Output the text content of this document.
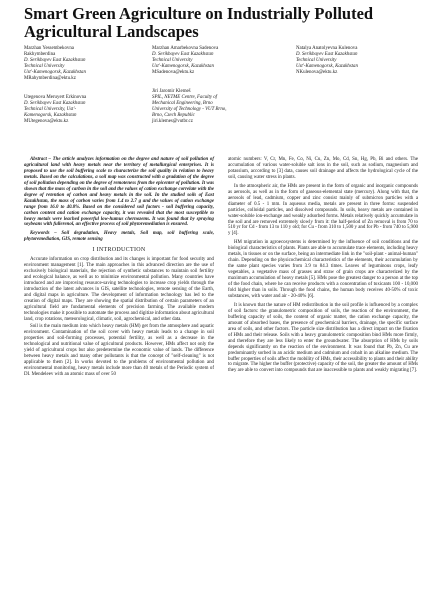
Smart Green Agriculture on Industrially Polluted Agricultural Landscapes
Marzhan Yessembekovna
Rakhymberdina
D. Serikbayev East Kazakhstan
Technical University
Ust'-Kamenogorsk, Kazakhstan
MRahymberdina@ektu.kz
Marzhan Amarbekovna Sadenova
D. Serikbayev East Kazakhstan
Technical University
Ust'-Kamenogorsk, Kazakhstan
MSadenova@ektu.kz
Natalya Anatolyevna Kulenova
D. Serikbayev East Kazakhstan
Technical University
Ust'-Kamenogorsk, Kazakhstan
NKulenova@ektu.kz
Utegenova Meruyert Erkinovna
D. Serikbayev East Kazakhstan
Technical University, Ust'-
Kamenogorsk, Kazakhstan
MUtegenova@ektu.kz
Jiri Jaromir Klemeš
SPIL, NETME Centre, Faculty of
Mechanical Engineering, Brno
University of Technology - VUT Brno,
Brno, Czech Republic
jiri.klemes@vutbr.cz

Abstract – The article analyzes information on the degree and nature of soil pollution of agricultural land with heavy metals near the territory of metallurgical enterprises. It is proposed to use the soil buffering scale to characterize the soil quality in relation to heavy metals. Based on the calculations, a soil map was constructed with a gradation of the degree of soil pollution depending on the degree of remoteness from the epicenter of pollution. It was shown that the mass of carbon in the soil and the values of cation exchange correlate with the degree of retention of carbon and heavy metals in the soil. In the studied soils of East Kazakhstan, the mass of carbon varies from 1.4 to 2.7 g and the values of cation exchange range from 16.0 to 40.8%. Based on the considered soil factors - soil buffering capacity, carbon content and cation exchange capacity, it was revealed that the most susceptible to heavy metals were leached powerful low-humus chernozems. It was found that by spraying soybeans with fullerenol, an effective process of soil phytoremediation is ensured.

Keywords – Soil degradation, Heavy metals, Soil map, soil buffering scale, phytoremediation, GIS, remote sensing

I INTRODUCTION

Accurate information on crop distribution and its changes is important for food security and environment management [1]. The main approaches in this advanced direction are the use of exclusively biological materials, the rejection of synthetic substances to maintain soil fertility and ecological balance, as well as to minimize environmental pollution. Many countries have introduced and are improving resource-saving technologies to increase crop yields through the introduction of the latest advances in GIS, satellite technologies, remote sensing of the Earth, and digital maps in agriculture. The development of information technology has led to the creation of digital maps. They are showing the spatial distribution of certain parameters of an agricultural field are fundamental elements of precision farming. The available modern technologies make it possible to automate the process and digitize information about agricultural land, crop rotations, meteorological, climatic, soil, agrochemical, and other data.

Soil is the main medium into which heavy metals (HM) get from the atmosphere and aquatic environment. Contamination of the soil cover with heavy metals leads to a change in soil properties and soil-forming processes, potential fertility, as well as a decrease in the technological and nutritional value of agricultural products. However, HMs affect not only the yield of agricultural crops but also predetermine the economic value of lands. The difference between heavy metals and many other pollutants is that the concept of "self-cleaning" is not applicable to them [2]. In works devoted to the problems of environmental pollution and environmental monitoring, heavy metals include more than 40 metals of the Periodic system of DI. Mendeleev with an atomic mass of over 50

atomic numbers: V, Cr, Mn, Fe, Co, Ni, Cu, Zn, Mo, Cd, Sn, Hg, Pb, Bi and others. The accumulation of various water-soluble salt ions in the soil, such as sodium, magnesium and potassium, according to [3] data, causes soil drainage and affects the hydrological cycle of the soil, causing water stress in plants.

In the atmospheric air, the HMs are present in the form of organic and inorganic compounds as aerosols, as well as in the form of gaseous-elemental state (mercury). Along with that, the aerosols of lead, cadmium, copper and zinc consist mainly of submicron particles with a diameter of 0.5 - 1 mm. In aqueous media, metals are present in three forms: suspended particles, colloidal particles, and dissolved compounds. In soils, heavy metals are contained in water-soluble ion-exchange and weakly adsorbed forms. Metals relatively quickly accumulate in the soil and are removed extremely slowly from it: the half-period of Zn removal is from 70 to 510 yr for Cd - from 13 to 110 y old; for Cu - from 310 to 1,500 y and for Pb - from 740 to 5,900 y [4].

HM migration in agroecosystems is determined by the influence of soil conditions and the biological characteristics of plants. Plants are able to accumulate trace elements, including heavy metals, in tissues or on the surface, being an intermediate link in the "soil-plant - animal-human" chain. Depending on the physicochemical characteristics of the elements, their accumulation by the same plant species varies from 3.9 to 84.3 times. Leaves of leguminous crops, leafy vegetables, a vegetative mass of grasses and straw of grain crops are characterized by the maximum accumulation of heavy metals [5]. HMs pose the greatest danger to a person at the top of the food chain, where he can receive products with a concentration of toxicants 100 - 10,000 fold higher than in soils. Through the food chains, the human body receives 40-50% of toxic substances, with water and air - 20-40% [6].

It is known that the nature of HM redistribution in the soil profile is influenced by a complex of soil factors: the granulometric composition of soils, the reaction of the environment, the buffering capacity of soils, the content of organic matter, the cation exchange capacity, the amount of absorbed bases, the presence of geochemical barriers, drainage, the specific surface area of soils, and other factors. The particle size distribution has a direct impact on the fixation of HMs and their release. Soils with a heavy granulometric composition bind HMs more firmly, and therefore they are less likely to enter the groundwater. The absorption of HMs by soils depends significantly on the reaction of the environment. It was found that Pb, Zn, Cu are predominantly sorbed in an acidic medium and cadmium and cobalt in an alkaline medium. The buffer properties of soils affect the mobility of HMs, their accessibility to plants and their ability to migrate. The higher the buffer (protective) capacity of the soil, the greater the amount of HMs they are able to convert into compounds that are inaccessible to plants and weakly migrating [7].
